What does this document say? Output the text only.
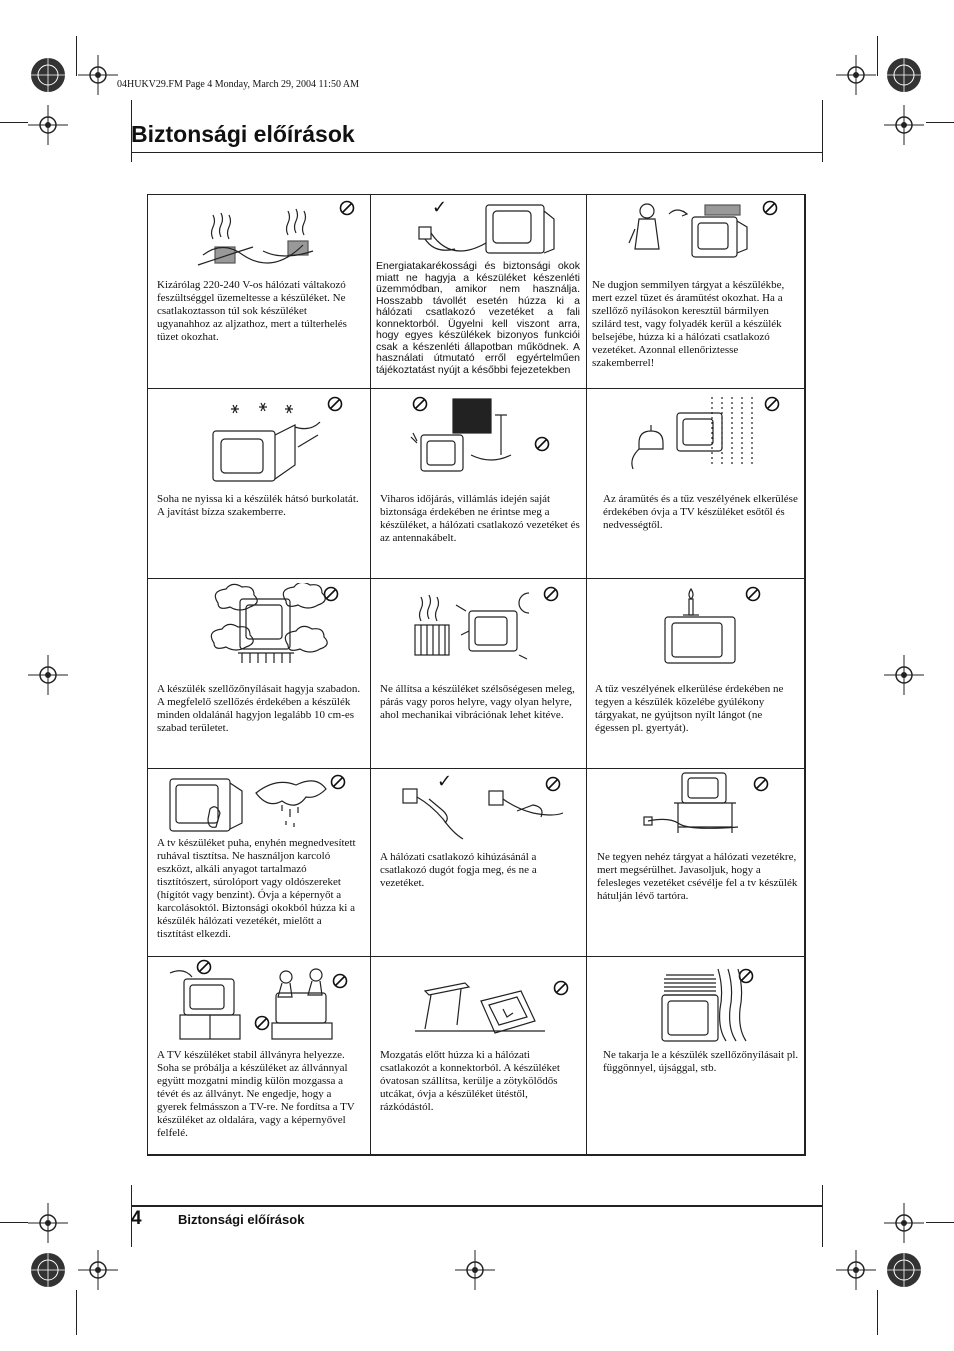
04HUKV29.FM Page 4 Monday, March 29, 2004 11:50 AM
Biztonsági előírások
Kizárólag 220-240 V-os hálózati váltakozó feszültséggel üzemeltesse a készüléket. Ne csatlakoztasson túl sok készüléket ugyanahhoz az aljzathoz, mert a túlterhelés tüzet okozhat.
✓
Energiatakarékossági és biztonsági okok miatt ne hagyja a készüléket készenléti üzemmódban, amikor nem használja. Hosszabb távollét esetén húzza ki a hálózati csatlakozó vezetéket a fali konnektorból. Ügyelni kell viszont arra, hogy egyes készülékek bizonyos funkciói csak a készenléti állapotban működnek. A használati útmutató erről egyértelműen tájékoztatást nyújt a későbbi fejezetekben
Ne dugjon semmilyen tárgyat a készülékbe, mert ezzel tüzet és áramütést okozhat. Ha a szellőző nyílásokon keresztül bármilyen szilárd test, vagy folyadék kerül a készülék belsejébe, húzza ki a hálózati csatlakozó vezetéket. Azonnal ellenőriztesse szakemberrel!
Soha ne nyissa ki a készülék hátsó burkolatát. A javítást bízza szakemberre.
Viharos időjárás, villámlás idején saját biztonsága érdekében ne érintse meg a készüléket, a hálózati csatlakozó vezetéket és az antennakábelt.
Az áramütés és a tűz veszélyének elkerülése érdekében óvja a TV készüléket esőtől és nedvességtől.
A készülék szellőzőnyílásait hagyja szabadon. A megfelelő szellőzés érdekében a készülék minden oldalánál hagyjon legalább 10 cm-es szabad területet.
Ne állítsa a készüléket szélsőségesen meleg, párás vagy poros helyre, vagy olyan helyre, ahol mechanikai vibrációnak lehet kitéve.
A tűz veszélyének elkerülése érdekében ne tegyen a készülék közelébe gyúlékony tárgyakat, ne gyújtson nyílt lángot (ne égessen pl. gyertyát).
A tv készüléket puha, enyhén megnedvesített ruhával tisztítsa. Ne használjon karcoló eszközt, alkáli anyagot tartalmazó tisztítószert, súrolóport vagy oldószereket (hígítót vagy benzint). Óvja a képernyőt a karcolásoktól. Biztonsági okokból húzza ki a készülék hálózati vezetékét, mielőtt a tisztítást elkezdi.
✓
A hálózati csatlakozó kihúzásánál a csatlakozó dugót fogja meg, és ne a vezetéket.
Ne tegyen nehéz tárgyat a hálózati vezetékre, mert megsérülhet. Javasoljuk, hogy a felesleges vezetéket csévélje fel a tv készülék hátulján lévő tartóra.
A TV készüléket stabil állványra helyezze. Soha se próbálja a készüléket az állvánnyal együtt mozgatni mindig külön mozgassa a tévét és az állványt. Ne engedje, hogy a gyerek felmásszon a TV-re. Ne fordítsa a TV készüléket az oldalára, vagy a képernyővel felfelé.
Mozgatás előtt húzza ki a hálózati csatlakozót a konnektorból. A készüléket óvatosan szállítsa, kerülje a zötykölődős utcákat, óvja a készüléket ütéstől, rázkódástól.
Ne takarja le a készülék szellőzőnyílásait pl. függönnyel, újsággal, stb.
4	Biztonsági előírások
